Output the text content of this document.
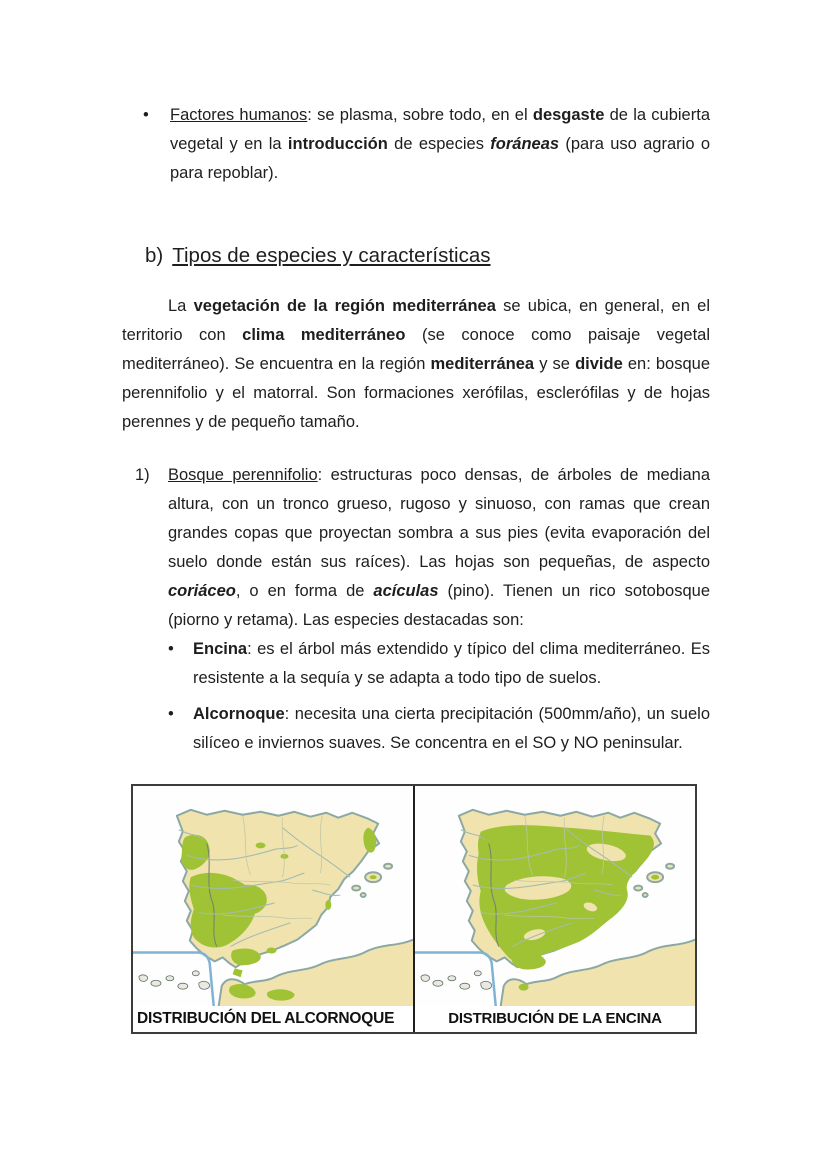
• Factores humanos: se plasma, sobre todo, en el desgaste de la cubierta vegetal y en la introducción de especies foráneas (para uso agrario o para repoblar).
b) Tipos de especies y características
La vegetación de la región mediterránea se ubica, en general, en el territorio con clima mediterráneo (se conoce como paisaje vegetal mediterráneo). Se encuentra en la región mediterránea y se divide en: bosque perennifolio y el matorral. Son formaciones xerófilas, esclerófilas y de hojas perennes y de pequeño tamaño.
1) Bosque perennifolio: estructuras poco densas, de árboles de mediana altura, con un tronco grueso, rugoso y sinuoso, con ramas que crean grandes copas que proyectan sombra a sus pies (evita evaporación del suelo donde están sus raíces). Las hojas son pequeñas, de aspecto coriáceo, o en forma de acículas (pino). Tienen un rico sotobosque (piorno y retama). Las especies destacadas son:
• Encina: es el árbol más extendido y típico del clima mediterráneo. Es resistente a la sequía y se adapta a todo tipo de suelos.
• Alcornoque: necesita una cierta precipitación (500mm/año), un suelo silíceo e inviernos suaves. Se concentra en el SO y NO peninsular.
DISTRIBUCIÓN DEL ALCORNOQUE	DISTRIBUCIÓN DE LA ENCINA
